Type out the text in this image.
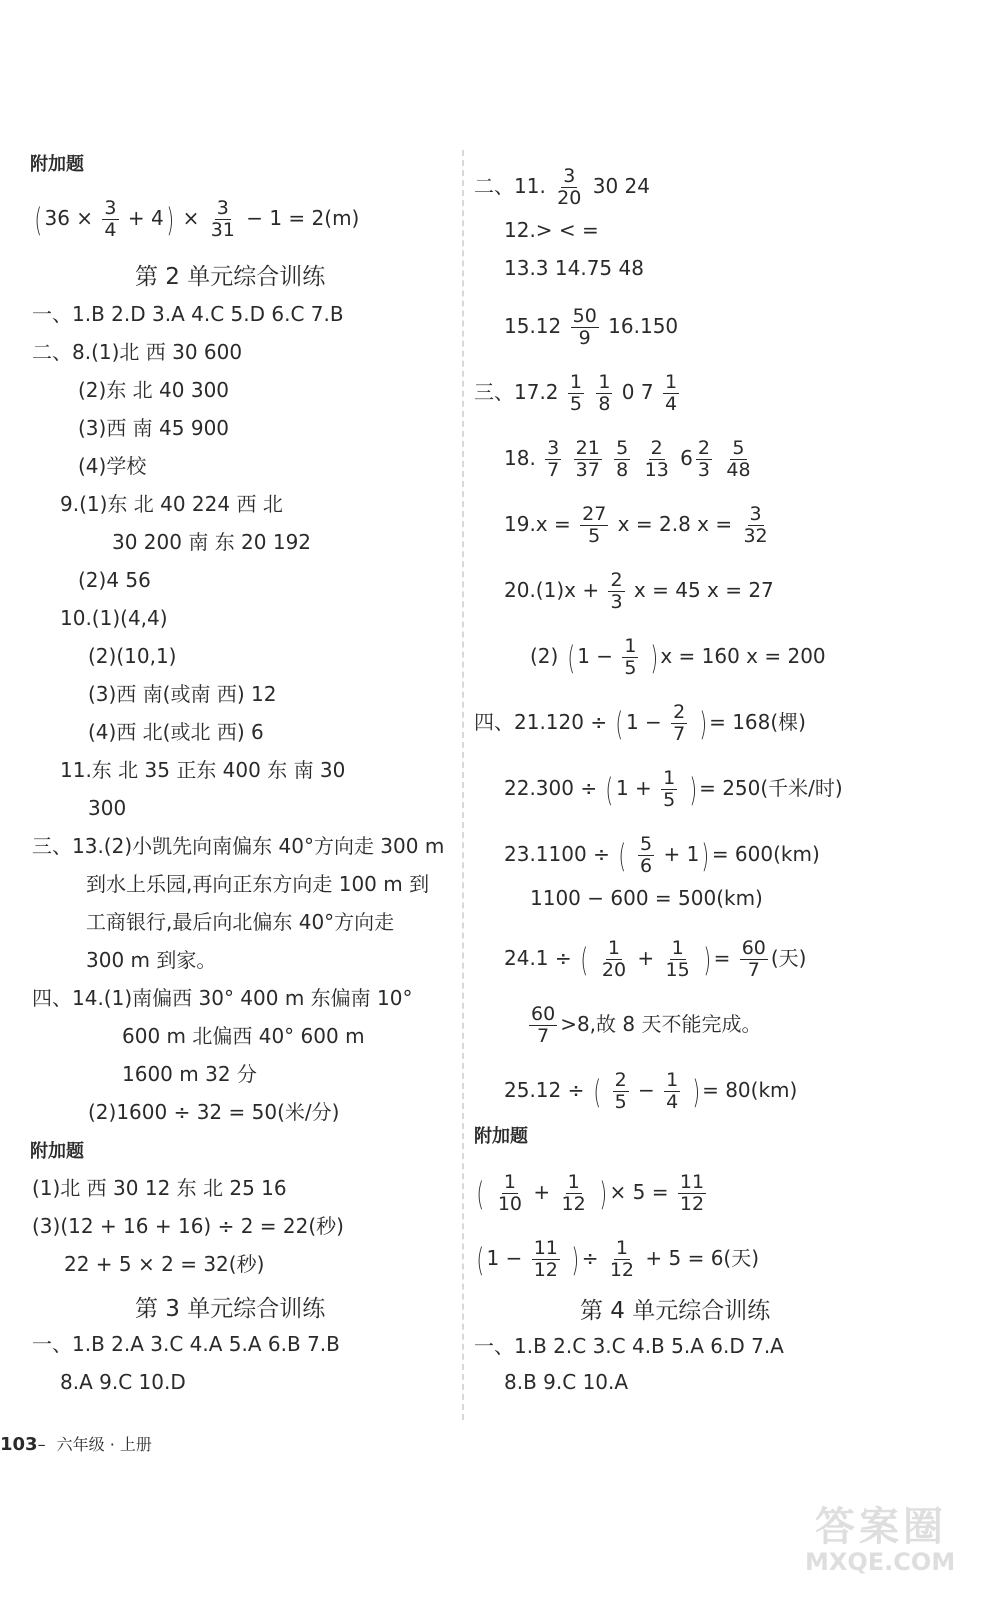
附加题
( $36 \times \frac{3}{4} + 4) \times \frac{3}{31} - 1 = 2(m)$
第 2 单元综合训练
一、1.B 2.D 3.A 4.C 5.D 6.C 7.B
二、8.(1)北 西 30 600
(2)东 北 40 300
(3)西 南 45 900
(4)学校
9.(1)东 北 40 224 西 北
30 200 南 东 20 192
(2)4 56
10.(1)(4,4)
(2)(10,1)
(3)西 南(或南 西) 12
(4)西 北(或北 西) 6
11.东 北 35 正东 400 东 南 30
300
三、13.(2)小凯先向南偏东 40°方向走 300 m
到水上乐园,再向正东方向走 100 m 到
工商银行,最后向北偏东 40°方向走
300 m 到家。
四、14.(1)南偏西 30° 400 m 东偏南 10°
600 m 北偏西 40° 600 m
1600 m 32 分
(2)1600 ÷ 32 = 50(米/分)
附加题
(1)北 西 30 12 东 北 25 16
(3)(12 + 16 + 16) ÷ 2 = 22(秒)
22 + 5 × 2 = 32(秒)
第 3 单元综合训练
一、1.B 2.A 3.C 4.A 5.A 6.B 7.B
8.A 9.C 10.D
二、11. $\frac{3}{20} 30$ 24
12.> < =
13.3 14.75 48
$15.12 \frac{50}{9} 16.150$
三、$17.2 \frac{1}{5}$
$\frac{1}{8} 0$ $7 \frac{1}{4}$
18. $\frac{3}{7}$
$\frac{21}{37}$
$\frac{5}{8}$
$\frac{2}{13} 6 \frac{2}{3}$
$\frac{5}{48}$
$19.x = \frac{27}{5}$ x = 2.8 $x = \frac{3}{32}$
$20.(1)x + \frac{2}{3}$ x = 45 x = 27
(2) ( $1 - \frac{1}{5}$ ) x = 160 x = 200
四、21.120 ÷ ( $1 - \frac{2}{7}$ ) = 168(棵)
22.300 ÷ ( $1 + \frac{1}{5}$ ) = 250(千米/时)
23.1100 ÷ ( $\frac{5}{6} + 1) = 600(km)$
1100 − 600 = 500(km)
24.1 ÷ ( $\frac{1}{20} + \frac{1}{15}$ ) = $\frac{60}{7}$ (天)
$\frac{60}{7} >8$,故 8 天不能完成。
25.12 ÷ ( $\frac{2}{5} - \frac{1}{4}$ ) = 80(km)
附加题
( $\frac{1}{10} + \frac{1}{12}$ ) × $5 = \frac{11}{12}$
( $1 - \frac{11}{12}$ ) ÷ $\frac{1}{12} + 5 = 6$(天)
第 4 单元综合训练
一、1.B 2.C 3.C 4.B 5.A 6.D 7.A
8.B 9.C 10.A
103– 六年级 · 上册
答案圈
MXQE.COM
